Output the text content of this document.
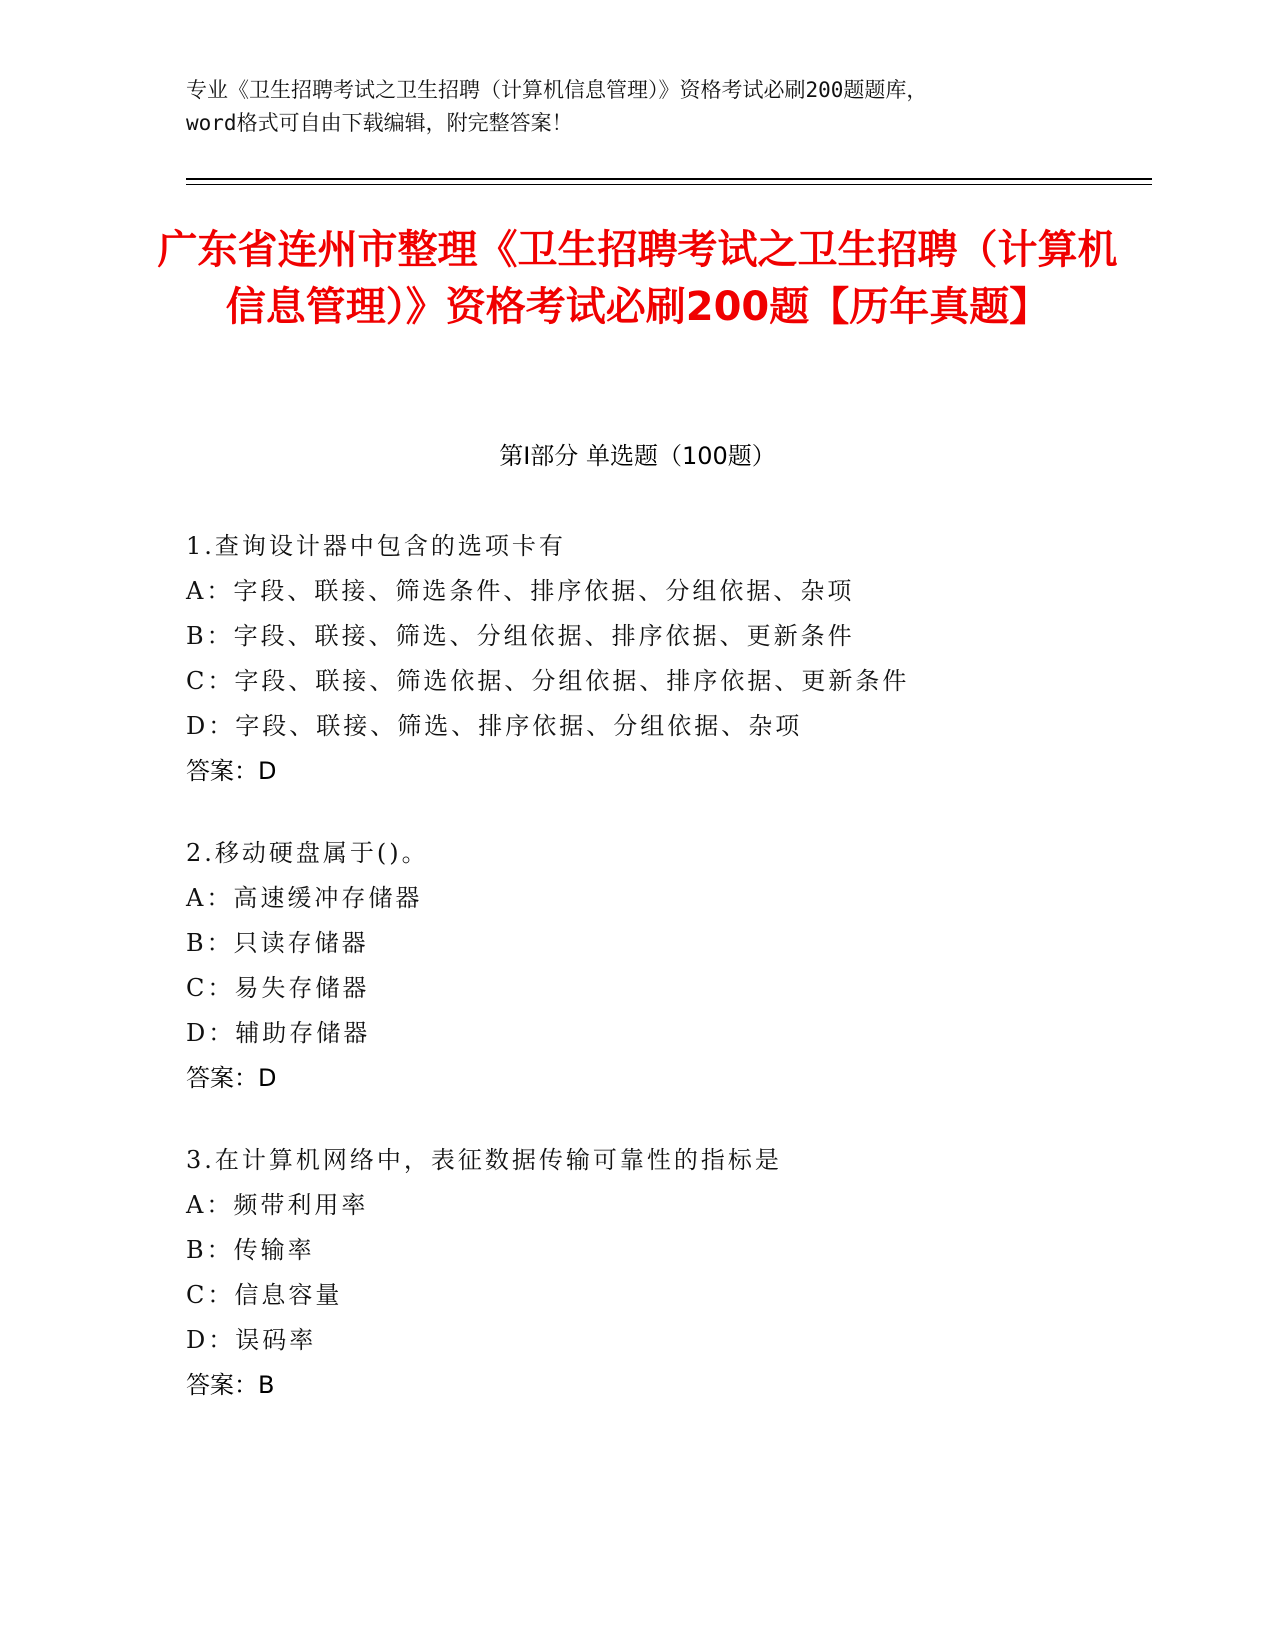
专业《卫生招聘考试之卫生招聘（计算机信息管理）》资格考试必刷200题题库，
word格式可自由下载编辑，附完整答案！
广东省连州市整理《卫生招聘考试之卫生招聘（计算机信息管理）》资格考试必刷200题【历年真题】
第Ⅰ部分 单选题（100题）
1.查询设计器中包含的选项卡有
A：字段、联接、筛选条件、排序依据、分组依据、杂项
B：字段、联接、筛选、分组依据、排序依据、更新条件
C：字段、联接、筛选依据、分组依据、排序依据、更新条件
D：字段、联接、筛选、排序依据、分组依据、杂项
答案：D
2.移动硬盘属于()。
A：高速缓冲存储器
B：只读存储器
C：易失存储器
D：辅助存储器
答案：D
3.在计算机网络中，表征数据传输可靠性的指标是
A：频带利用率
B：传输率
C：信息容量
D：误码率
答案：B
